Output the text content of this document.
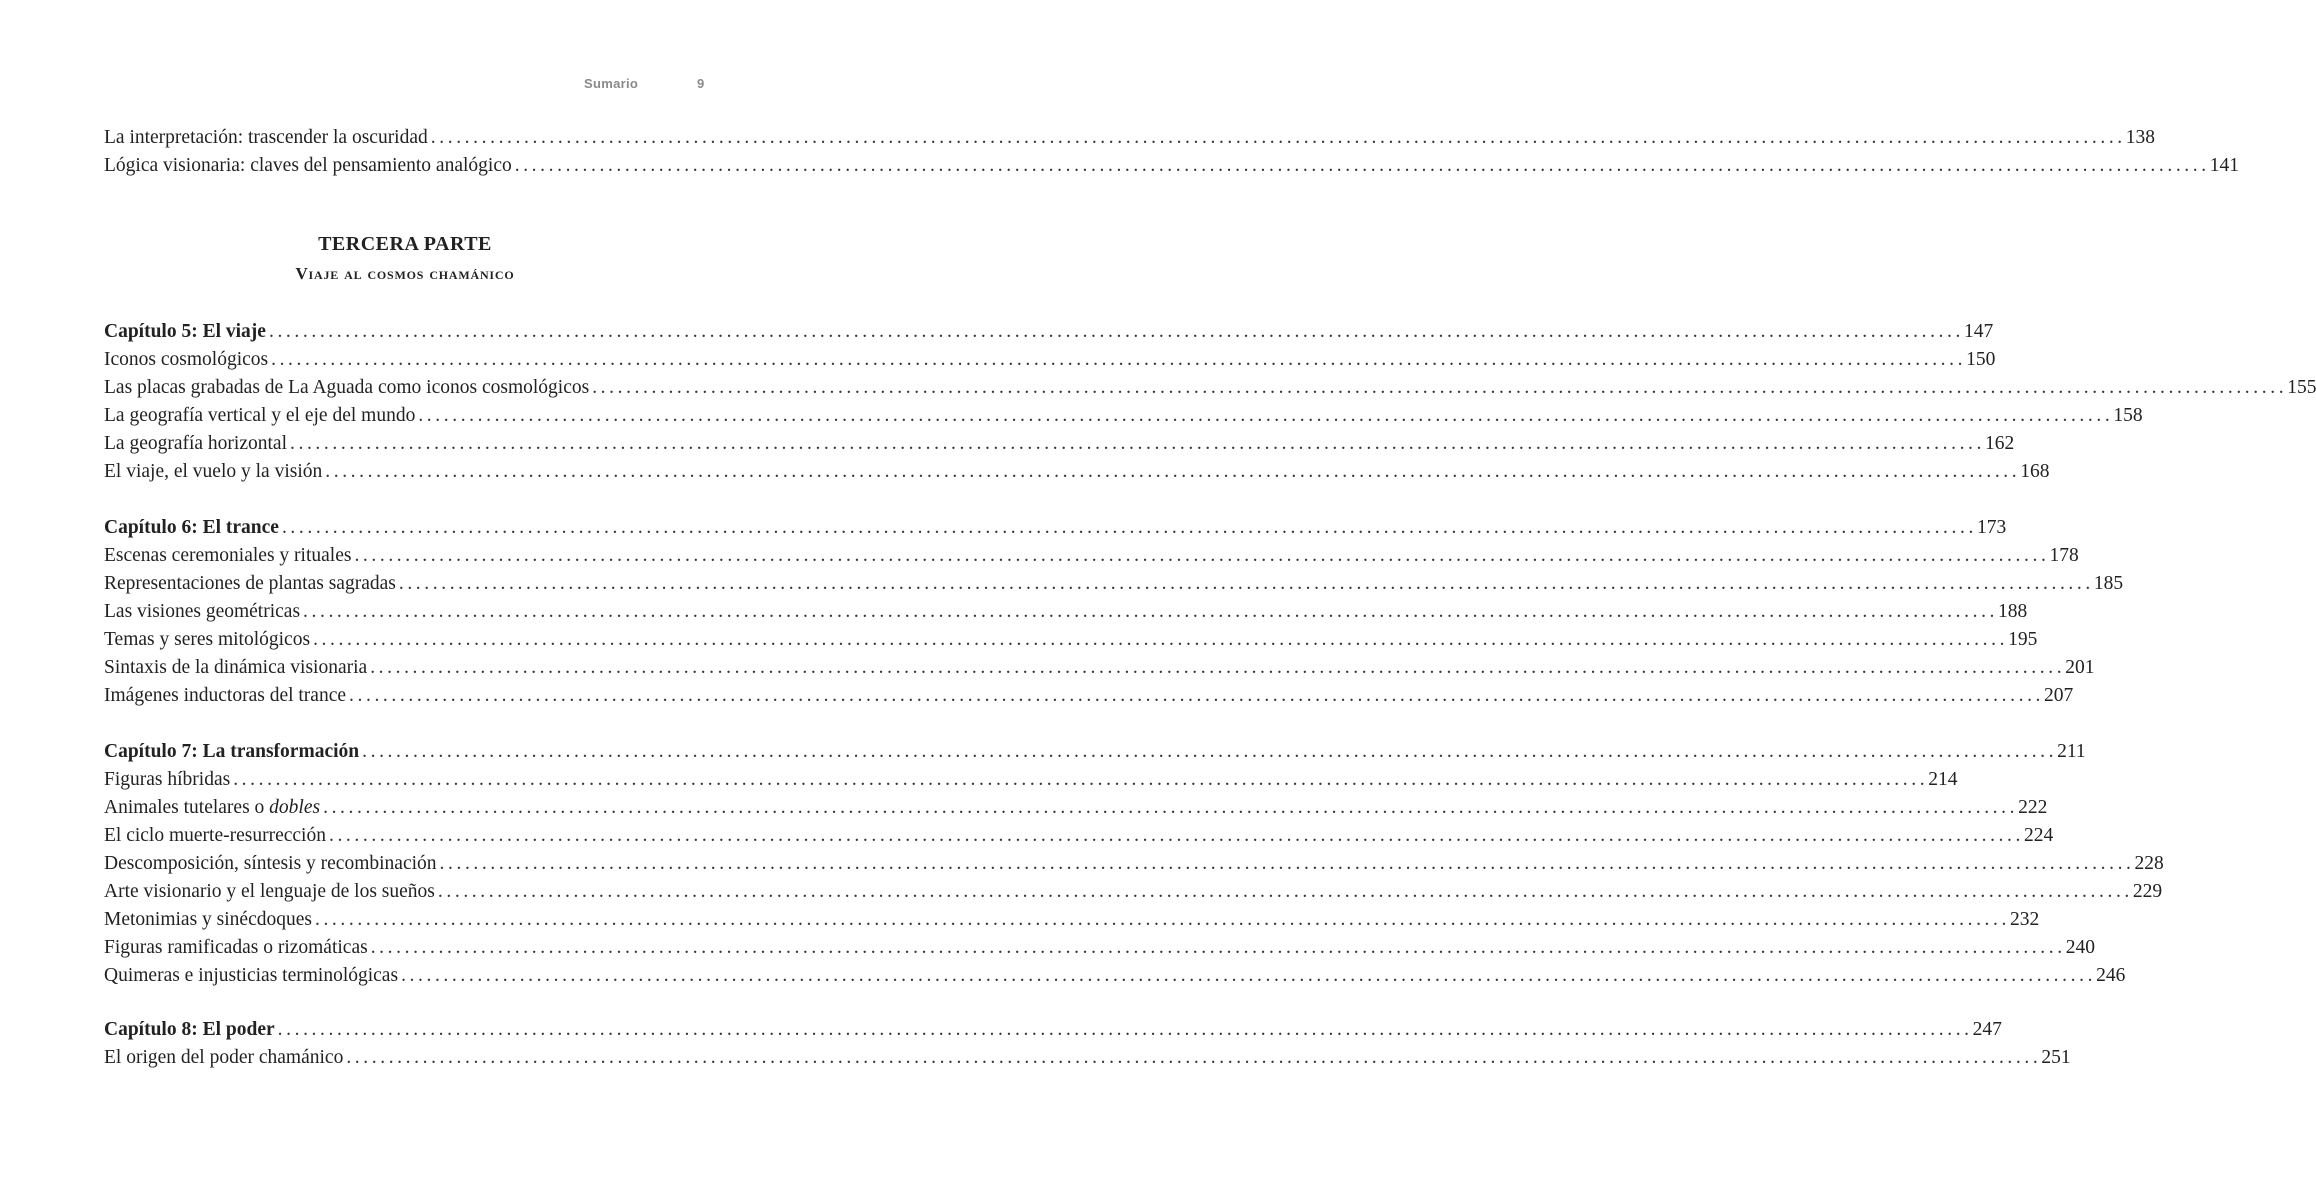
Sumario	9
La interpretación: trascender la oscuridad ........................................................................................................................................................................................................ 138
Lógica visionaria: claves del pensamiento analógico ........................................................................................................................................................................................................ 141
TERCERA PARTE
Viaje al cosmos chamánico
Capítulo 5: El viaje ........................................................................................................................................................................................................ 147
Iconos cosmológicos ........................................................................................................................................................................................................ 150
Las placas grabadas de La Aguada como iconos cosmológicos ........................................................................................................................................................................................................ 155
La geografía vertical y el eje del mundo ........................................................................................................................................................................................................ 158
La geografía horizontal ........................................................................................................................................................................................................ 162
El viaje, el vuelo y la visión ........................................................................................................................................................................................................ 168
Capítulo 6: El trance ........................................................................................................................................................................................................ 173
Escenas ceremoniales y rituales ........................................................................................................................................................................................................ 178
Representaciones de plantas sagradas ........................................................................................................................................................................................................ 185
Las visiones geométricas ........................................................................................................................................................................................................ 188
Temas y seres mitológicos ........................................................................................................................................................................................................ 195
Sintaxis de la dinámica visionaria ........................................................................................................................................................................................................ 201
Imágenes inductoras del trance ........................................................................................................................................................................................................ 207
Capítulo 7: La transformación ........................................................................................................................................................................................................ 211
Figuras híbridas ........................................................................................................................................................................................................ 214
Animales tutelares o dobles ........................................................................................................................................................................................................ 222
El ciclo muerte-resurrección ........................................................................................................................................................................................................ 224
Descomposición, síntesis y recombinación ........................................................................................................................................................................................................ 228
Arte visionario y el lenguaje de los sueños ........................................................................................................................................................................................................ 229
Metonimias y sinécdoques ........................................................................................................................................................................................................ 232
Figuras ramificadas o rizomáticas ........................................................................................................................................................................................................ 240
Quimeras e injusticias terminológicas ........................................................................................................................................................................................................ 246
Capítulo 8: El poder ........................................................................................................................................................................................................ 247
El origen del poder chamánico ........................................................................................................................................................................................................ 251
